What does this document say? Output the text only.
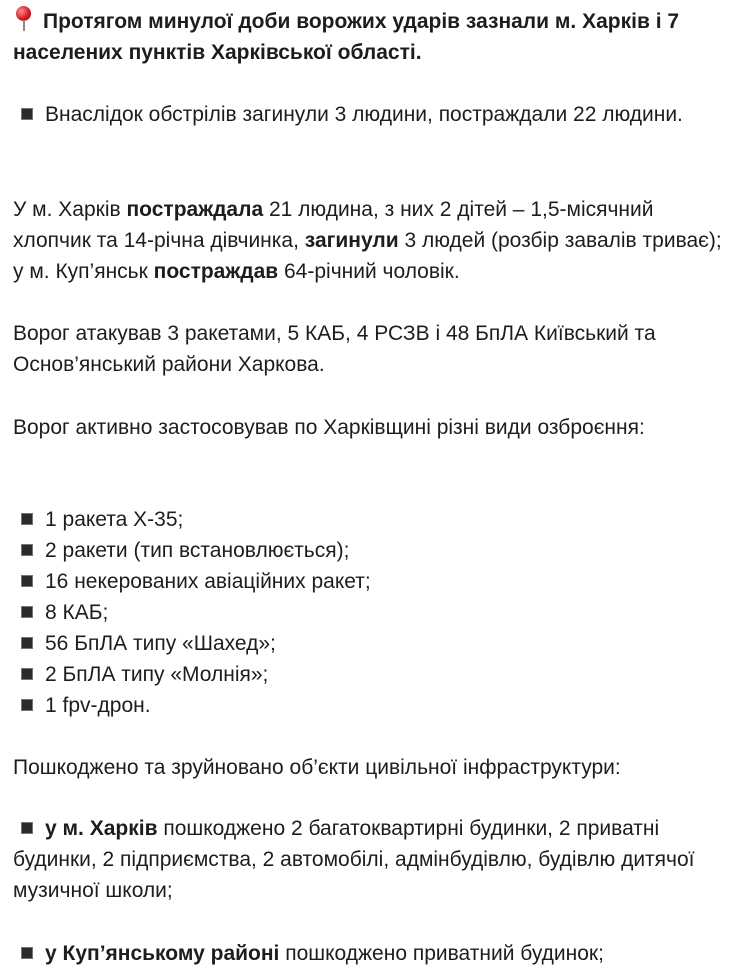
Протягом минулої доби ворожих ударів зазнали м. Харків і 7 населених пунктів Харківської області.
Внаслідок обстрілів загинули 3 людини, постраждали 22 людини.
У м. Харків постраждала 21 людина, з них 2 дітей – 1,5-місячний хлопчик та 14-річна дівчинка, загинули 3 людей (розбір завалів триває); у м. Куп’янськ постраждав 64-річний чоловік.
Ворог атакував 3 ракетами, 5 КАБ, 4 РСЗВ і 48 БпЛА Київський та Основ’янський райони Харкова.
Ворог активно застосовував по Харківщині різні види озброєння:
1 ракета Х-35;
2 ракети (тип встановлюється);
16 некерованих авіаційних ракет;
8 КАБ;
56 БпЛА типу «Шахед»;
2 БпЛА типу «Молнія»;
1 fpv-дрон.
Пошкоджено та зруйновано об’єкти цивільної інфраструктури:
у м. Харків пошкоджено 2 багатоквартирні будинки, 2 приватні будинки, 2 підприємства, 2 автомобілі, адмінбудівлю, будівлю дитячої музичної школи;
у Куп’янському районі пошкоджено приватний будинок;
